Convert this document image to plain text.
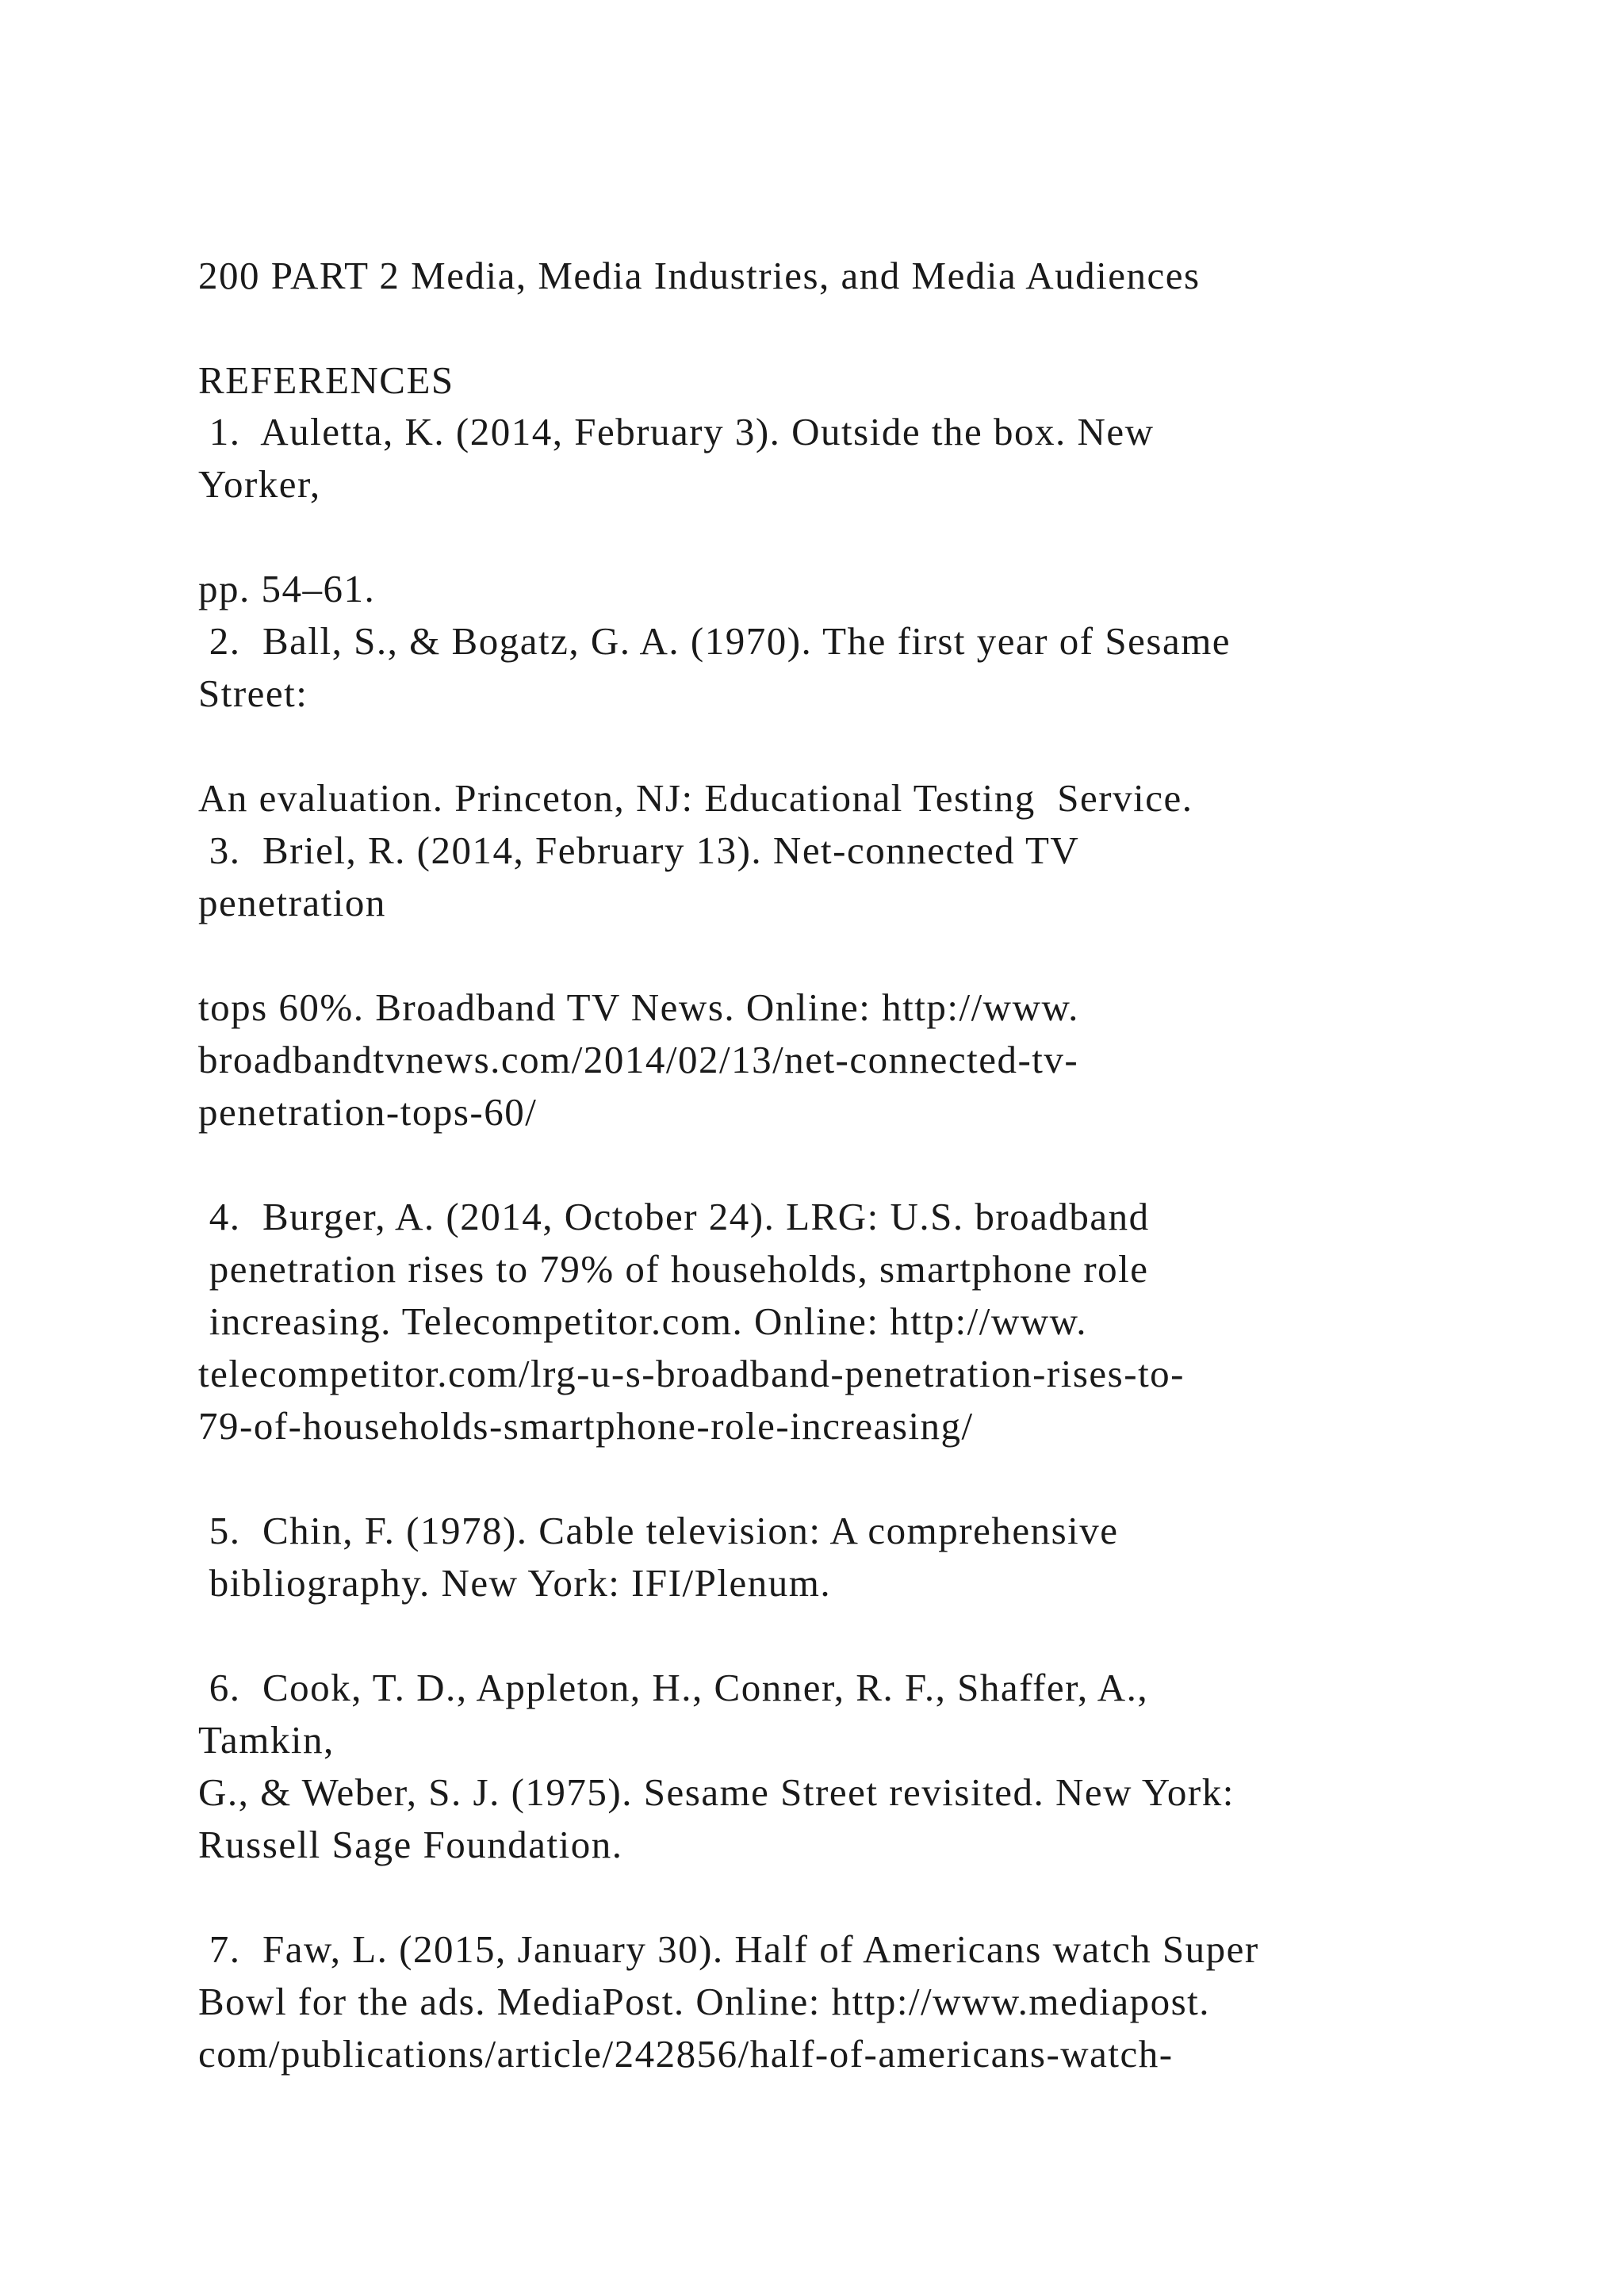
200 PART 2 Media, Media Industries, and Media Audiences
REFERENCES
1.  Auletta, K. (2014, February 3). Outside the box. New
Yorker,
pp. 54–61.
2.  Ball, S., & Bogatz, G. A. (1970). The first year of Sesame
Street:
An evaluation. Princeton, NJ: Educational Testing  Service.
3.  Briel, R. (2014, February 13). Net-connected TV
penetration
tops 60%. Broadband TV News. Online: http://www.
broadbandtvnews.com/2014/02/13/net-connected-tv-
penetration-tops-60/
4.  Burger, A. (2014, October 24). LRG: U.S. broadband
penetration rises to 79% of households, smartphone role
increasing. Telecompetitor.com. Online: http://www.
telecompetitor.com/lrg-u-s-broadband-penetration-rises-to-
79-of-households-smartphone-role-increasing/
5.  Chin, F. (1978). Cable television: A comprehensive
bibliography. New York: IFI/Plenum.
6.  Cook, T. D., Appleton, H., Conner, R. F., Shaffer, A.,
Tamkin,
G., & Weber, S. J. (1975). Sesame Street revisited. New York:
Russell Sage Foundation.
7.  Faw, L. (2015, January 30). Half of Americans watch Super
Bowl for the ads. MediaPost. Online: http://www.mediapost.
com/publications/article/242856/half-of-americans-watch-
